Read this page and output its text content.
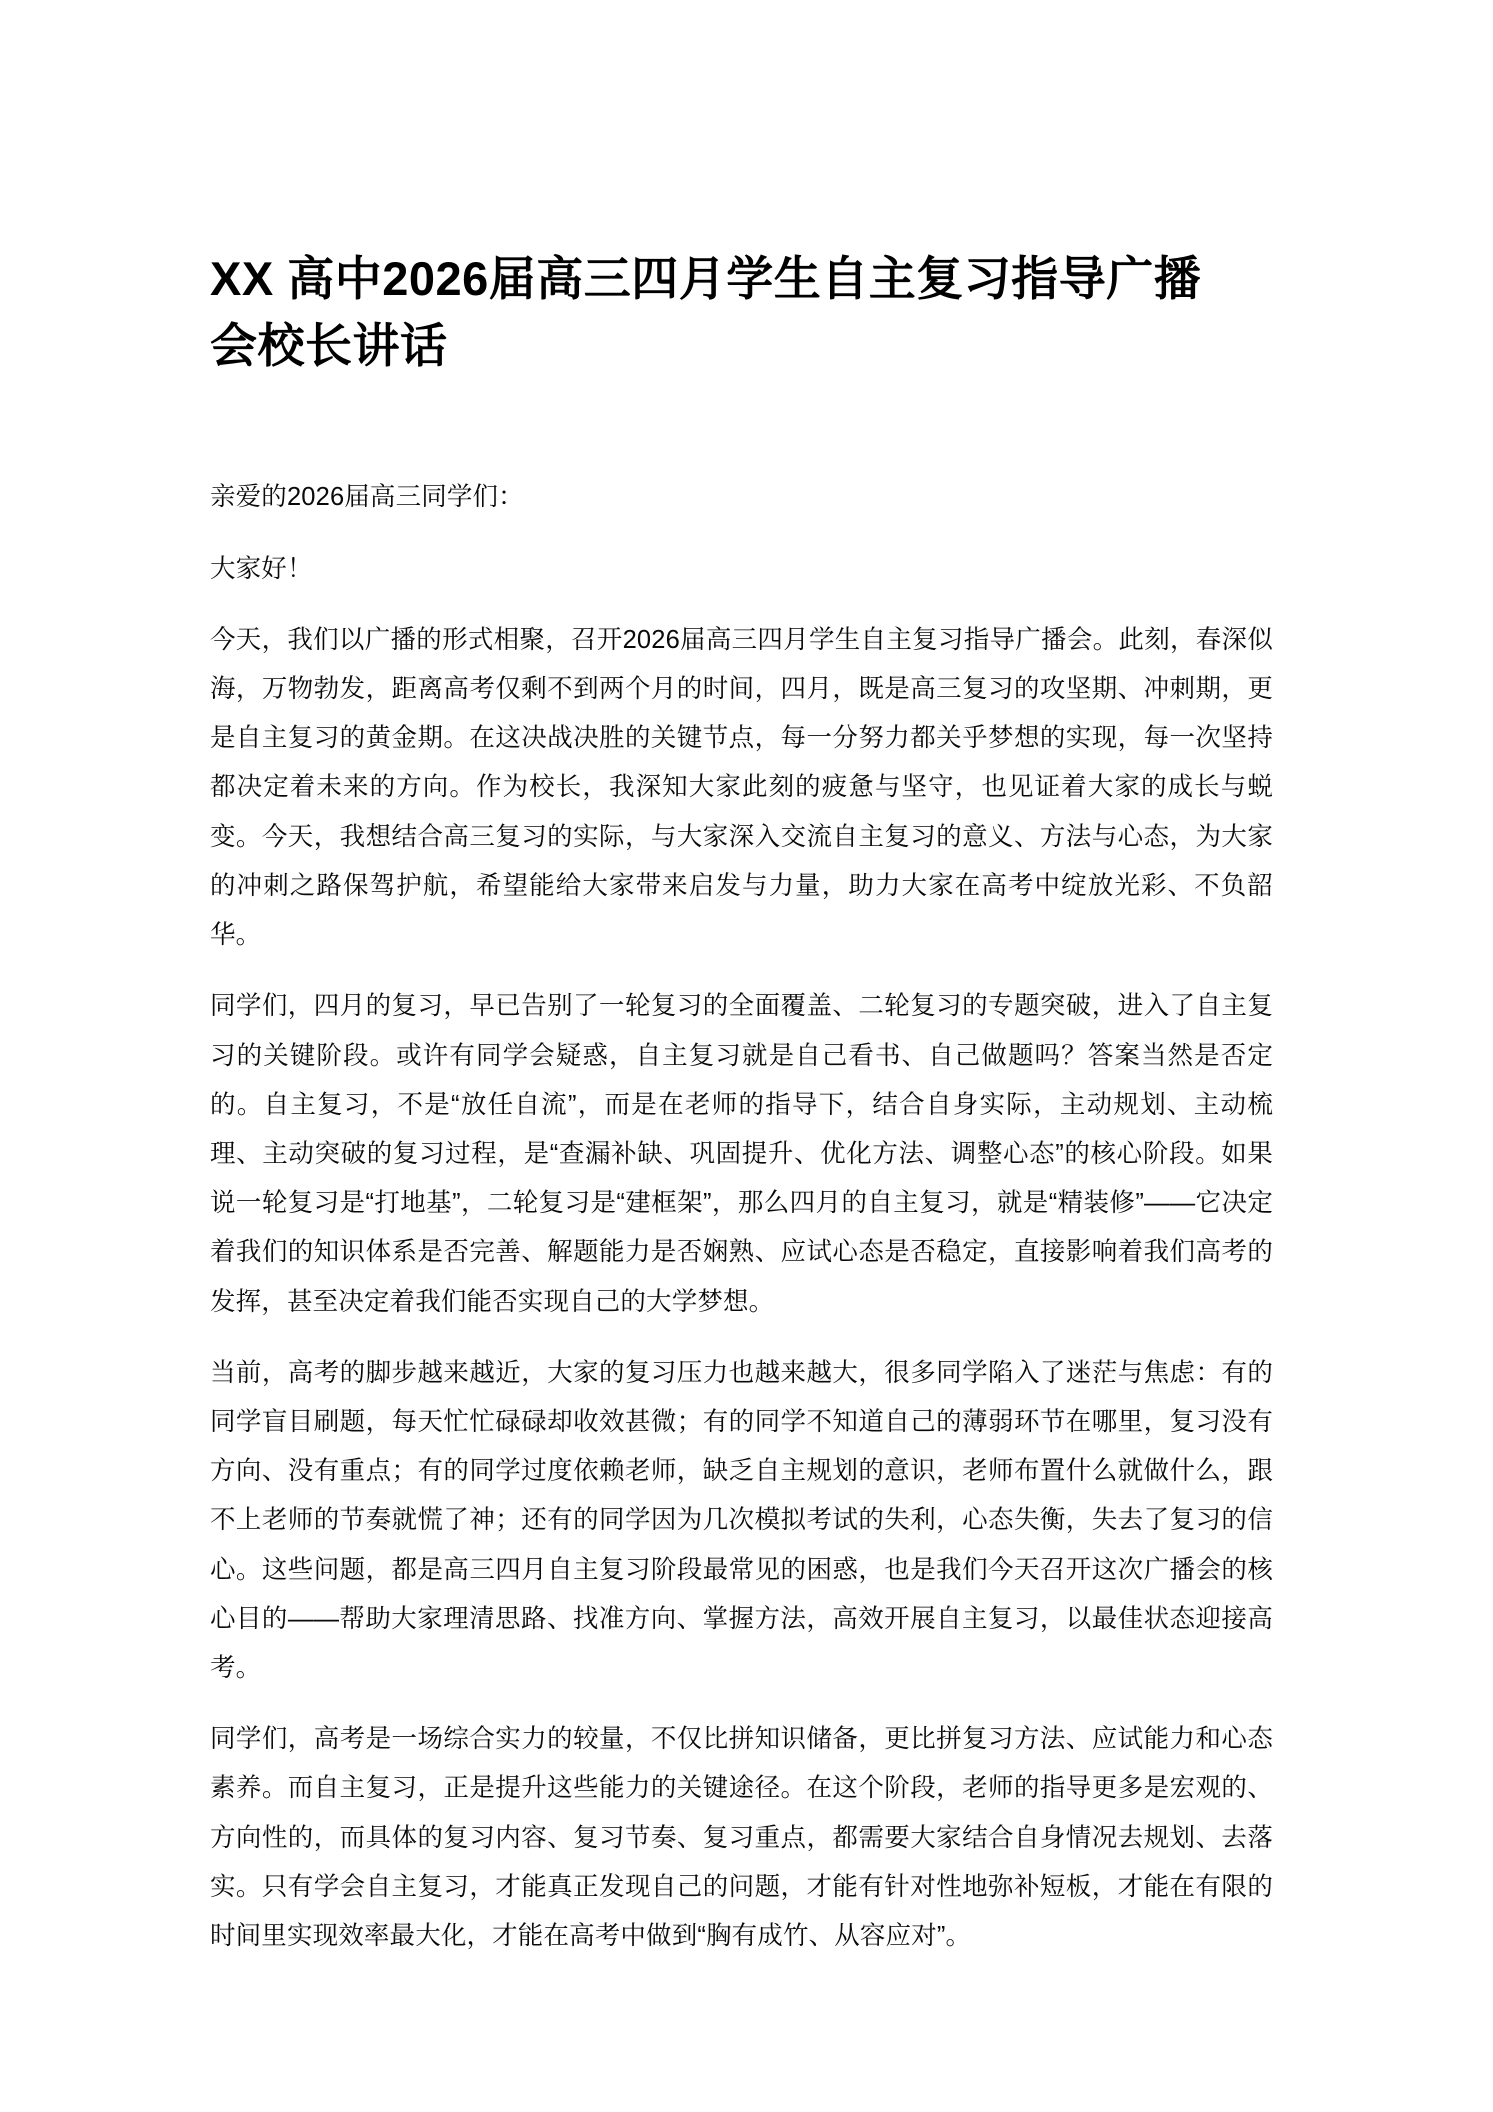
XX 高中2026届高三四月学生自主复习指导广播会校长讲话

亲爱的2026届高三同学们：

大家好！

今天，我们以广播的形式相聚，召开2026届高三四月学生自主复习指导广播会。此刻，春深似海，万物勃发，距离高考仅剩不到两个月的时间，四月，既是高三复习的攻坚期、冲刺期，更是自主复习的黄金期。在这决战决胜的关键节点，每一分努力都关乎梦想的实现，每一次坚持都决定着未来的方向。作为校长，我深知大家此刻的疲惫与坚守，也见证着大家的成长与蜕变。今天，我想结合高三复习的实际，与大家深入交流自主复习的意义、方法与心态，为大家的冲刺之路保驾护航，希望能给大家带来启发与力量，助力大家在高考中绽放光彩、不负韶华。

同学们，四月的复习，早已告别了一轮复习的全面覆盖、二轮复习的专题突破，进入了自主复习的关键阶段。或许有同学会疑惑，自主复习就是自己看书、自己做题吗？答案当然是否定的。自主复习，不是“放任自流”，而是在老师的指导下，结合自身实际，主动规划、主动梳理、主动突破的复习过程，是“查漏补缺、巩固提升、优化方法、调整心态”的核心阶段。如果说一轮复习是“打地基”，二轮复习是“建框架”，那么四月的自主复习，就是“精装修”——它决定着我们的知识体系是否完善、解题能力是否娴熟、应试心态是否稳定，直接影响着我们高考的发挥，甚至决定着我们能否实现自己的大学梦想。

当前，高考的脚步越来越近，大家的复习压力也越来越大，很多同学陷入了迷茫与焦虑：有的同学盲目刷题，每天忙忙碌碌却收效甚微；有的同学不知道自己的薄弱环节在哪里，复习没有方向、没有重点；有的同学过度依赖老师，缺乏自主规划的意识，老师布置什么就做什么，跟不上老师的节奏就慌了神；还有的同学因为几次模拟考试的失利，心态失衡，失去了复习的信心。这些问题，都是高三四月自主复习阶段最常见的困惑，也是我们今天召开这次广播会的核心目的——帮助大家理清思路、找准方向、掌握方法，高效开展自主复习，以最佳状态迎接高考。

同学们，高考是一场综合实力的较量，不仅比拼知识储备，更比拼复习方法、应试能力和心态素养。而自主复习，正是提升这些能力的关键途径。在这个阶段，老师的指导更多是宏观的、方向性的，而具体的复习内容、复习节奏、复习重点，都需要大家结合自身情况去规划、去落实。只有学会自主复习，才能真正发现自己的问题，才能有针对性地弥补短板，才能在有限的时间里实现效率最大化，才能在高考中做到“胸有成竹、从容应对”。
